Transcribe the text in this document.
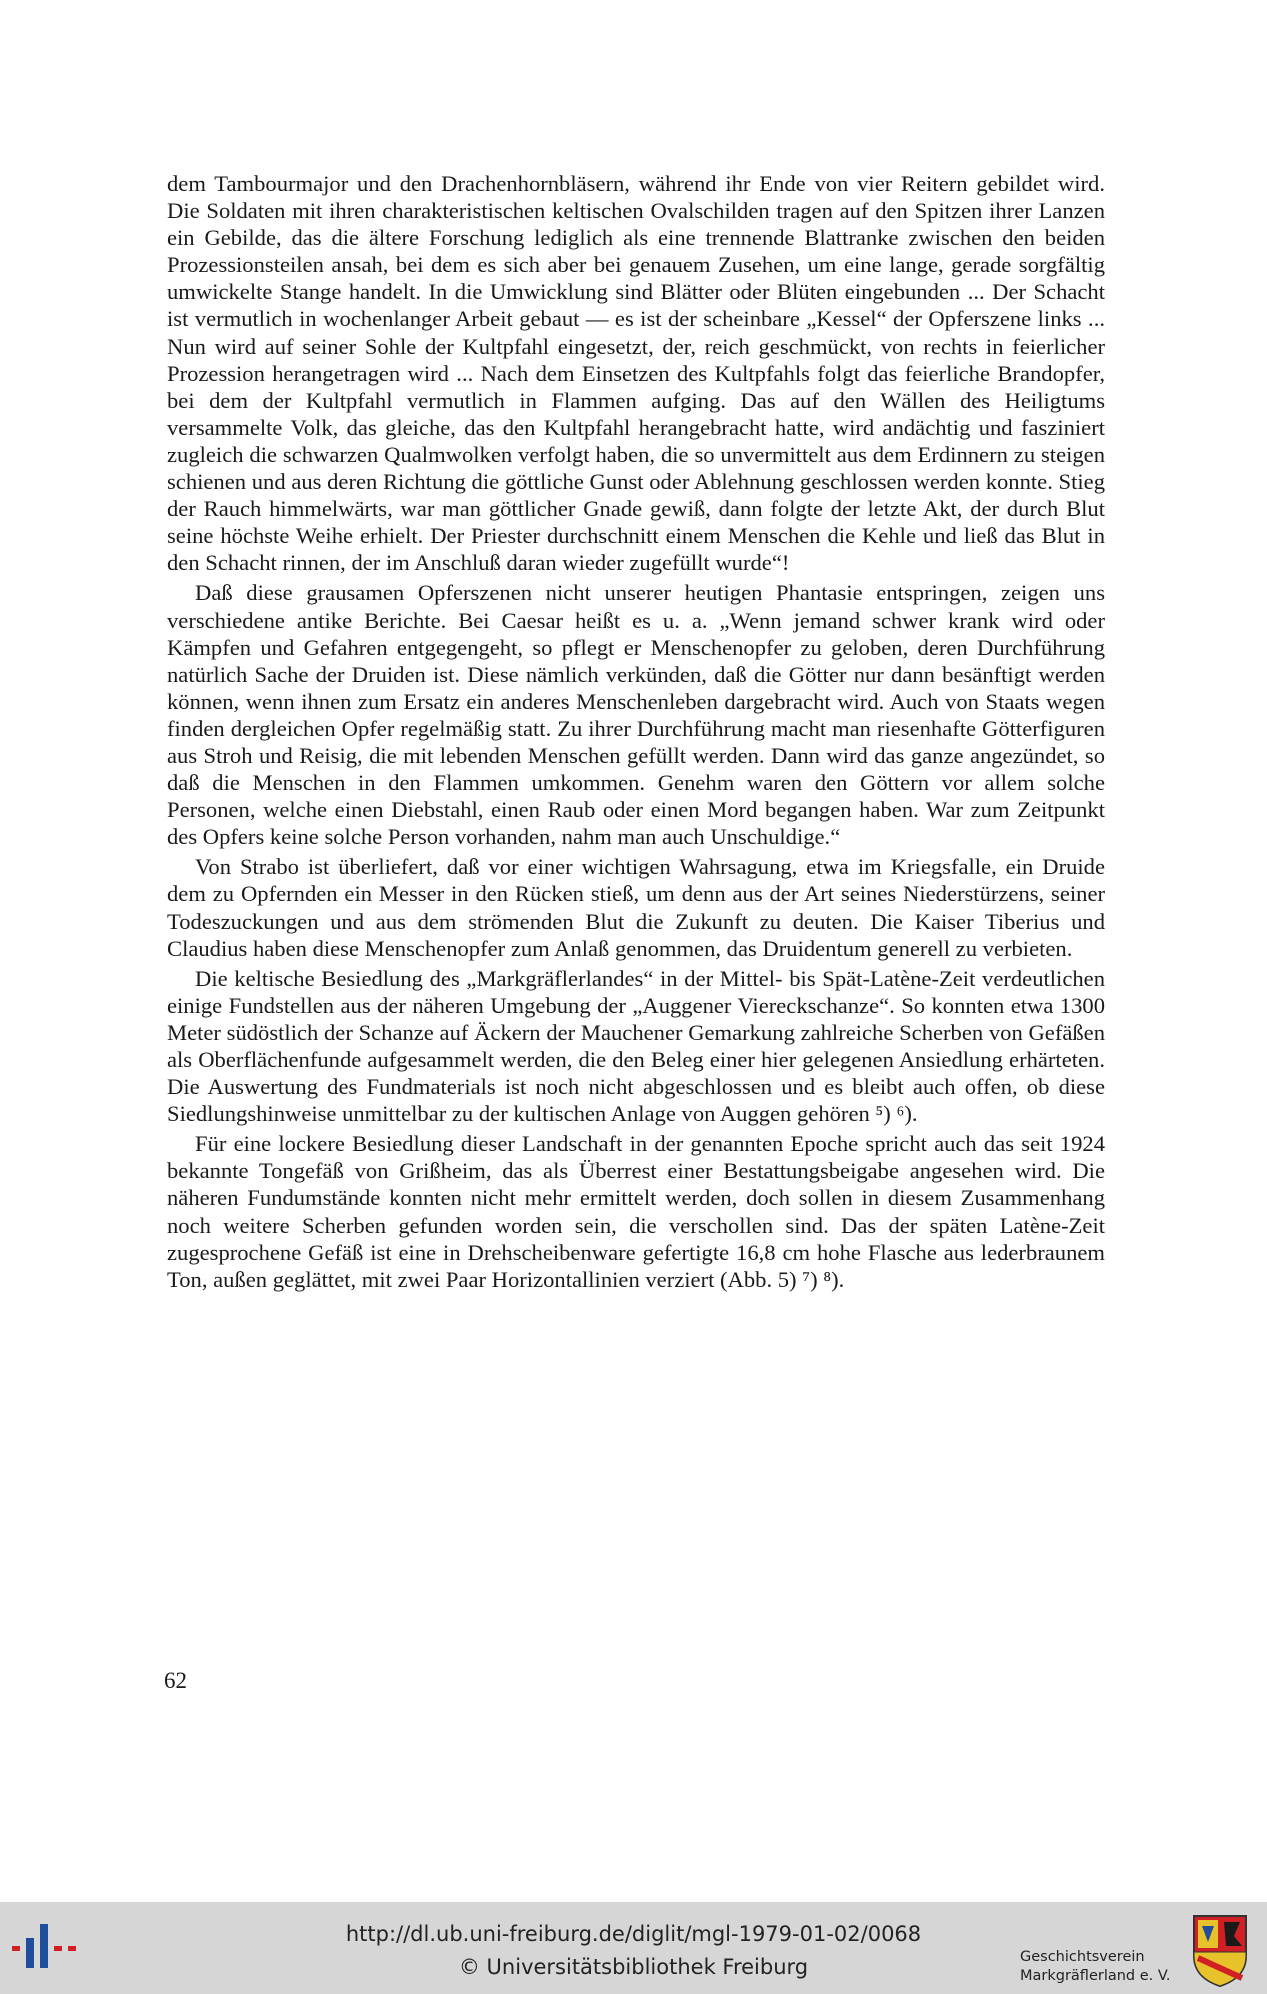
dem Tambourmajor und den Drachenhornbläsern, während ihr Ende von vier Reitern gebildet wird. Die Soldaten mit ihren charakteristischen keltischen Ovalschilden tragen auf den Spitzen ihrer Lanzen ein Gebilde, das die ältere Forschung lediglich als eine trennende Blattranke zwischen den beiden Prozessionsteilen ansah, bei dem es sich aber bei genauem Zusehen, um eine lange, gerade sorgfältig umwickelte Stange handelt. In die Umwicklung sind Blätter oder Blüten eingebunden ... Der Schacht ist vermutlich in wochenlanger Arbeit gebaut — es ist der scheinbare „Kessel“ der Opferszene links ... Nun wird auf seiner Sohle der Kultpfahl eingesetzt, der, reich geschmückt, von rechts in feierlicher Prozession herangetragen wird ... Nach dem Einsetzen des Kultpfahls folgt das feierliche Brandopfer, bei dem der Kultpfahl vermutlich in Flammen aufging. Das auf den Wällen des Heiligtums versammelte Volk, das gleiche, das den Kultpfahl herangebracht hatte, wird andächtig und fasziniert zugleich die schwarzen Qualmwolken verfolgt haben, die so unvermittelt aus dem Erdinnern zu steigen schienen und aus deren Richtung die göttliche Gunst oder Ablehnung geschlossen werden konnte. Stieg der Rauch himmelwärts, war man göttlicher Gnade gewiß, dann folgte der letzte Akt, der durch Blut seine höchste Weihe erhielt. Der Priester durchschnitt einem Menschen die Kehle und ließ das Blut in den Schacht rinnen, der im Anschluß daran wieder zugefüllt wurde“!

Daß diese grausamen Opferszenen nicht unserer heutigen Phantasie entspringen, zeigen uns verschiedene antike Berichte. Bei Caesar heißt es u. a. „Wenn jemand schwer krank wird oder Kämpfen und Gefahren entgegengeht, so pflegt er Menschenopfer zu geloben, deren Durchführung natürlich Sache der Druiden ist. Diese nämlich verkünden, daß die Götter nur dann besänftigt werden können, wenn ihnen zum Ersatz ein anderes Menschenleben dargebracht wird. Auch von Staats wegen finden dergleichen Opfer regelmäßig statt. Zu ihrer Durchführung macht man riesenhafte Götterfiguren aus Stroh und Reisig, die mit lebenden Menschen gefüllt werden. Dann wird das ganze angezündet, so daß die Menschen in den Flammen umkommen. Genehm waren den Göttern vor allem solche Personen, welche einen Diebstahl, einen Raub oder einen Mord begangen haben. War zum Zeitpunkt des Opfers keine solche Person vorhanden, nahm man auch Unschuldige.“

Von Strabo ist überliefert, daß vor einer wichtigen Wahrsagung, etwa im Kriegsfalle, ein Druide dem zu Opfernden ein Messer in den Rücken stieß, um denn aus der Art seines Niederstürzens, seiner Todeszuckungen und aus dem strömenden Blut die Zukunft zu deuten. Die Kaiser Tiberius und Claudius haben diese Menschenopfer zum Anlaß genommen, das Druidentum generell zu verbieten.

Die keltische Besiedlung des „Markgräflerlandes“ in der Mittel- bis Spät-Latène-Zeit verdeutlichen einige Fundstellen aus der näheren Umgebung der „Auggener Viereckschanze“. So konnten etwa 1300 Meter südöstlich der Schanze auf Äckern der Mauchener Gemarkung zahlreiche Scherben von Gefäßen als Oberflächenfunde aufgesammelt werden, die den Beleg einer hier gelegenen Ansiedlung erhärteten. Die Auswertung des Fundmaterials ist noch nicht abgeschlossen und es bleibt auch offen, ob diese Siedlungshinweise unmittelbar zu der kultischen Anlage von Auggen gehören ⁵) ⁶).

Für eine lockere Besiedlung dieser Landschaft in der genannten Epoche spricht auch das seit 1924 bekannte Tongefäß von Grißheim, das als Überrest einer Bestattungsbeigabe angesehen wird. Die näheren Fundumstände konnten nicht mehr ermittelt werden, doch sollen in diesem Zusammenhang noch weitere Scherben gefunden worden sein, die verschollen sind. Das der späten Latène-Zeit zugesprochene Gefäß ist eine in Drehscheibenware gefertigte 16,8 cm hohe Flasche aus lederbraunem Ton, außen geglättet, mit zwei Paar Horizontallinien verziert (Abb. 5) ⁷) ⁸).

62
http://dl.ub.uni-freiburg.de/diglit/mgl-1979-01-02/0068
© Universitätsbibliothek Freiburg	Geschichtsverein
Markgräflerland e. V.
